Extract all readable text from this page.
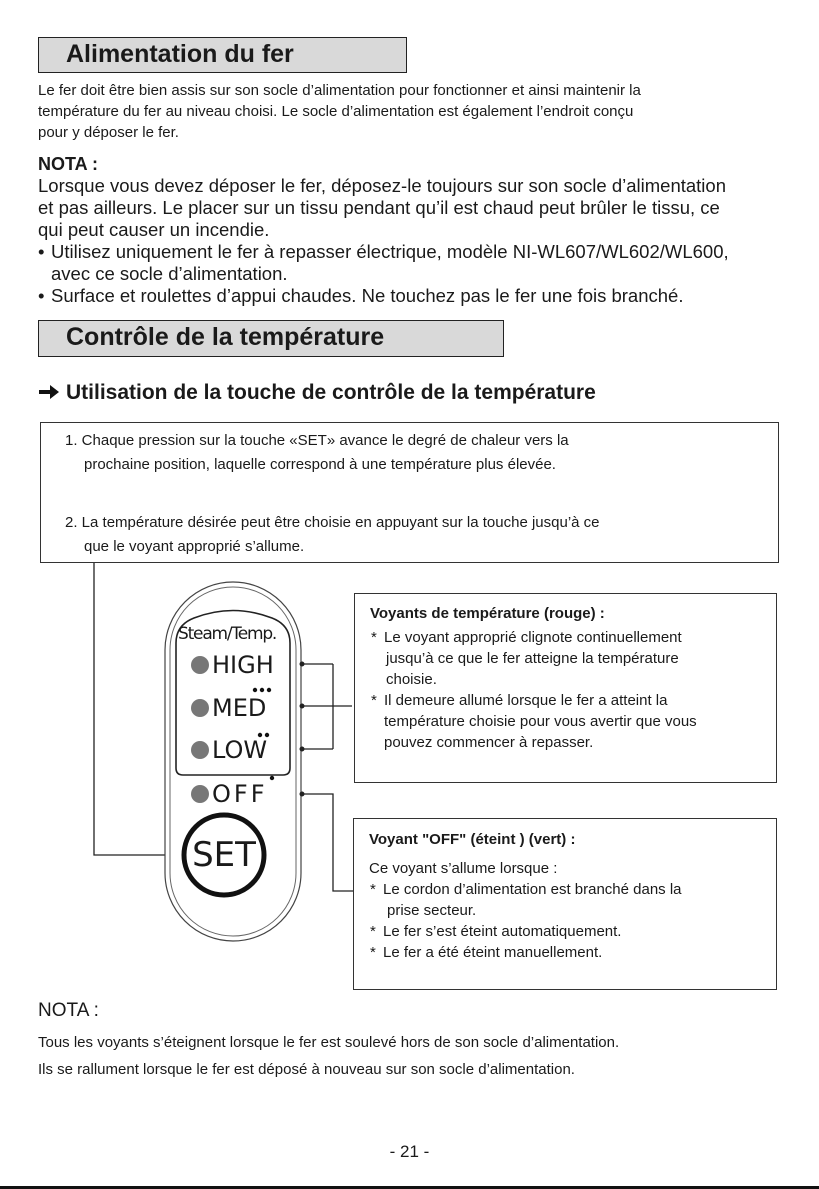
Alimentation du fer
Le fer doit être bien assis sur son socle d’alimentation pour fonctionner et ainsi maintenir la
température du fer au niveau choisi. Le socle d’alimentation est également l’endroit conçu
pour y déposer le fer.
NOTA :
Lorsque vous devez déposer le fer, déposez-le toujours sur son socle d’alimentation
et pas ailleurs. Le placer sur un tissu pendant qu’il est chaud peut brûler le tissu, ce
qui peut causer un incendie.
• Utilisez uniquement le fer à repasser électrique, modèle NI-WL607/WL602/WL600,
avec ce socle d’alimentation.
• Surface et roulettes d’appui chaudes. Ne touchez pas le fer une fois branché.
Contrôle de la température
Utilisation de la touche de contrôle de la température
1. Chaque pression sur la touche «SET» avance le degré de chaleur vers la
prochaine position, laquelle correspond à une température plus élevée.
2. La température désirée peut être choisie en appuyant sur la touche jusqu’à ce
que le voyant approprié s’allume.
Steam/Temp.
HIGH
MED
LOW
OFF
SET
Voyants de température (rouge) :
* Le voyant approprié clignote continuellement
jusqu’à ce que le fer atteigne la température
choisie.
* Il demeure allumé lorsque le fer a atteint la
température choisie pour vous avertir que vous
pouvez commencer à repasser.
Voyant "OFF" (éteint ) (vert) :
Ce voyant s’allume lorsque :
* Le cordon d’alimentation est branché dans la
prise secteur.
* Le fer s’est éteint automatiquement.
* Le fer a été éteint manuellement.
NOTA :
Tous les voyants s’éteignent lorsque le fer est soulevé hors de son socle d’alimentation.
Ils se rallument lorsque le fer est déposé à nouveau sur son socle d’alimentation.
- 21 -
